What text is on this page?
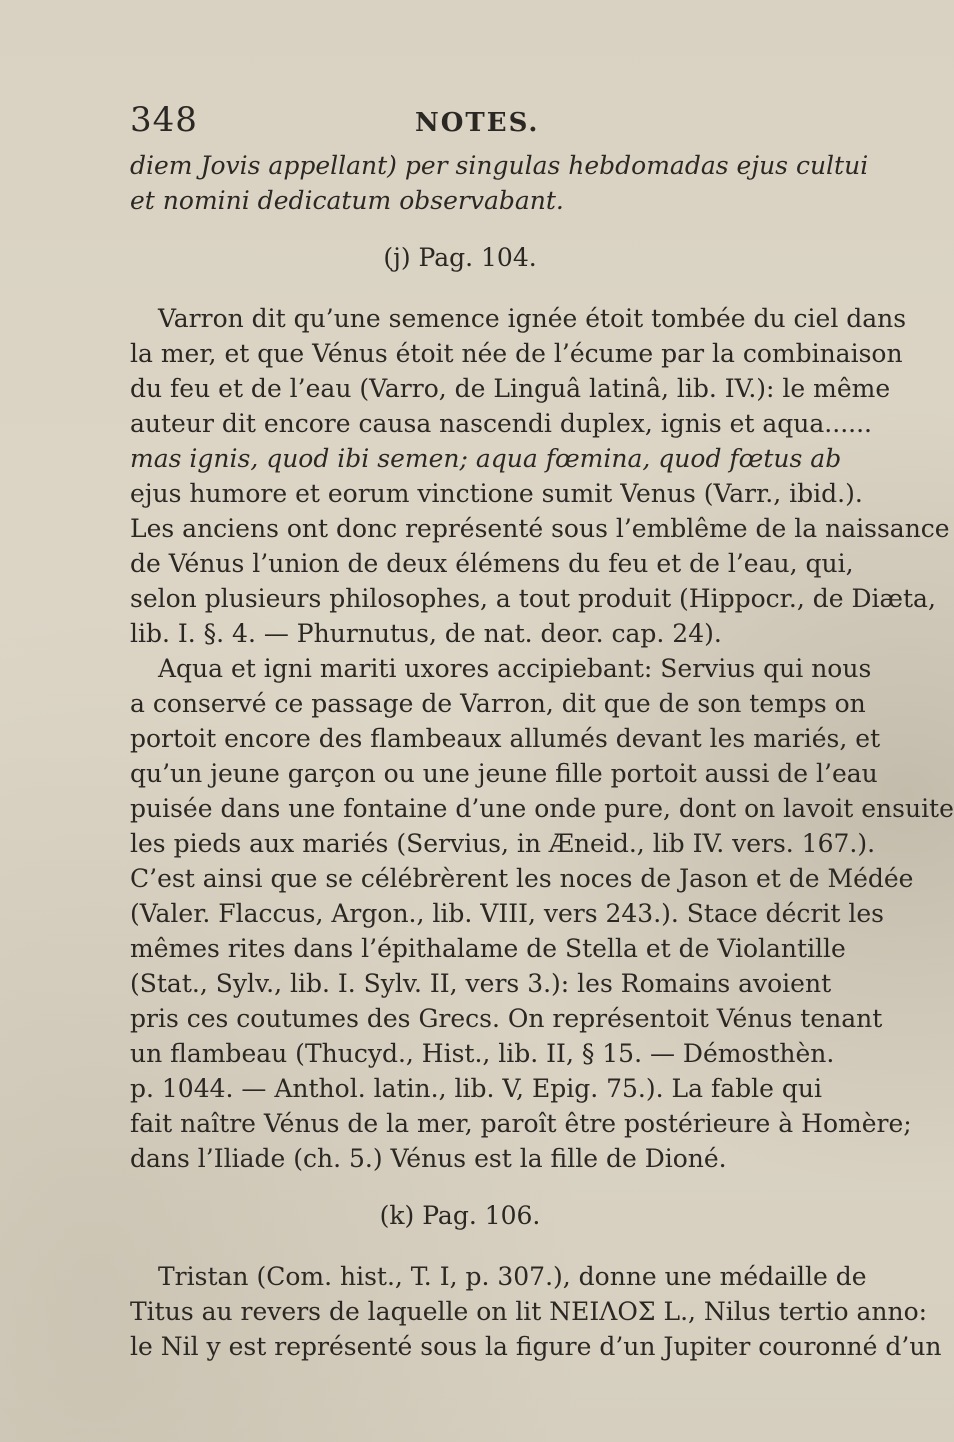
348	NOTES.
diem Jovis appellant) per singulas hebdomadas ejus cultui
et nomini dedicatum observabant.
(j) Pag. 104.
Varron dit qu’une semence ignée étoit tombée du ciel dans
la mer, et que Vénus étoit née de l’écume par la combinaison
du feu et de l’eau (Varro, de Linguâ latinâ, lib. IV.): le même
auteur dit encore causa nascendi duplex, ignis et aqua......
mas ignis, quod ibi semen; aqua fœmina, quod fœtus ab
ejus humore et eorum vinctione sumit Venus (Varr., ibid.).
Les anciens ont donc représenté sous l’emblême de la naissance
de Vénus l’union de deux élémens du feu et de l’eau, qui,
selon plusieurs philosophes, a tout produit (Hippocr., de Diæta,
lib. I. §. 4. — Phurnutus, de nat. deor. cap. 24).
Aqua et igni mariti uxores accipiebant: Servius qui nous
a conservé ce passage de Varron, dit que de son temps on
portoit encore des flambeaux allumés devant les mariés, et
qu’un jeune garçon ou une jeune fille portoit aussi de l’eau
puisée dans une fontaine d’une onde pure, dont on lavoit ensuite
les pieds aux mariés (Servius, in Æneid., lib IV. vers. 167.).
C’est ainsi que se célébrèrent les noces de Jason et de Médée
(Valer. Flaccus, Argon., lib. VIII, vers 243.). Stace décrit les
mêmes rites dans l’épithalame de Stella et de Violantille
(Stat., Sylv., lib. I. Sylv. II, vers 3.): les Romains avoient
pris ces coutumes des Grecs. On représentoit Vénus tenant
un flambeau (Thucyd., Hist., lib. II, § 15. — Démosthèn.
p. 1044. — Anthol. latin., lib. V, Epig. 75.). La fable qui
fait naître Vénus de la mer, paroît être postérieure à Homère;
dans l’Iliade (ch. 5.) Vénus est la fille de Dioné.
(k) Pag. 106.
Tristan (Com. hist., T. I, p. 307.), donne une médaille de
Titus au revers de laquelle on lit ΝΕΙΛΟΣ L., Nilus tertio anno:
le Nil y est représenté sous la figure d’un Jupiter couronné d’un
